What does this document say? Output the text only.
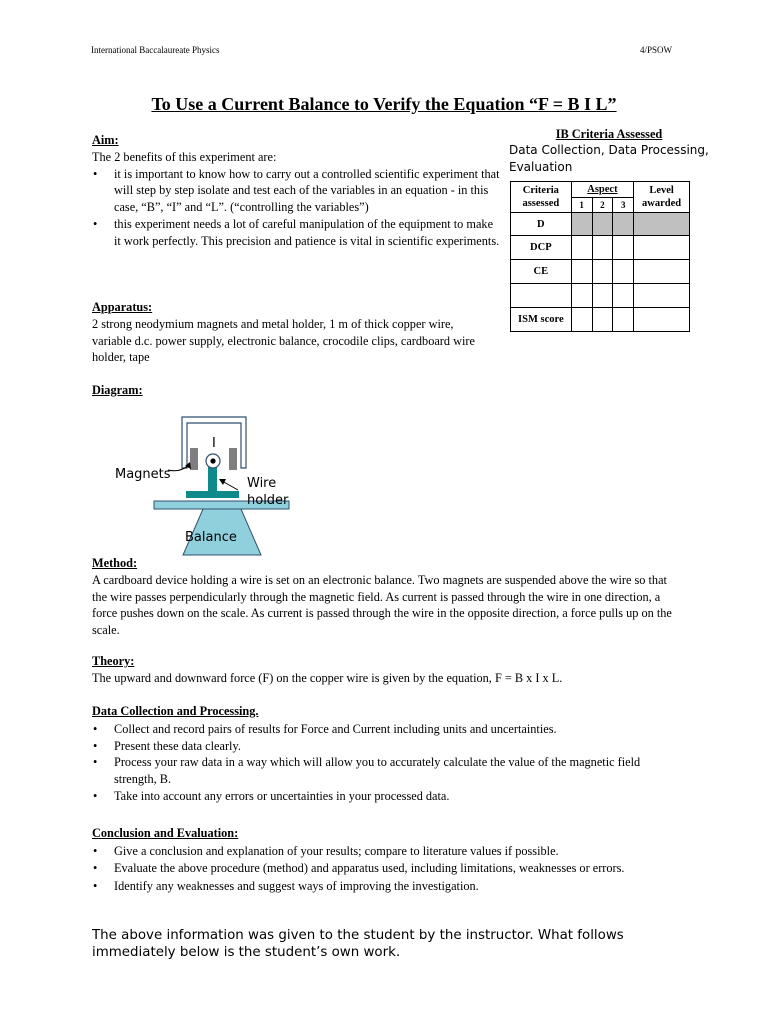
International Baccalaureate Physics	4/PSOW
To Use a Current Balance to Verify the Equation “F = B I L”
Aim:
The 2 benefits of this experiment are:
• it is important to know how to carry out a controlled scientific experiment that will step by step isolate and test each of the variables in an equation - in this case, “B”, “I” and “L”. (“controlling the variables”)
• this experiment needs a lot of careful manipulation of the equipment to make it work perfectly. This precision and patience is vital in scientific experiments.
IB Criteria Assessed
Data Collection, Data Processing, Evaluation
Criteria assessed	Aspect			Level awarded
	1	2	3	
D				
DCP				
CE				

ISM score				
Apparatus:
2 strong neodymium magnets and metal holder, 1 m of thick copper wire, variable d.c. power supply, electronic balance, crocodile clips, cardboard wire holder, tape
Diagram:
I
Magnets
Wire holder
Balance
Method:
A cardboard device holding a wire is set on an electronic balance. Two magnets are suspended above the wire so that the wire passes perpendicularly through the magnetic field. As current is passed through the wire in one direction, a force pushes down on the scale. As current is passed through the wire in the opposite direction, a force pulls up on the scale.
Theory:
The upward and downward force (F) on the copper wire is given by the equation, F = B x I x L.
Data Collection and Processing.
• Collect and record pairs of results for Force and Current including units and uncertainties.
• Present these data clearly.
• Process your raw data in a way which will allow you to accurately calculate the value of the magnetic field strength, B.
• Take into account any errors or uncertainties in your processed data.
Conclusion and Evaluation:
• Give a conclusion and explanation of your results; compare to literature values if possible.
• Evaluate the above procedure (method) and apparatus used, including limitations, weaknesses or errors.
• Identify any weaknesses and suggest ways of improving the investigation.
The above information was given to the student by the instructor. What follows immediately below is the student’s own work.
